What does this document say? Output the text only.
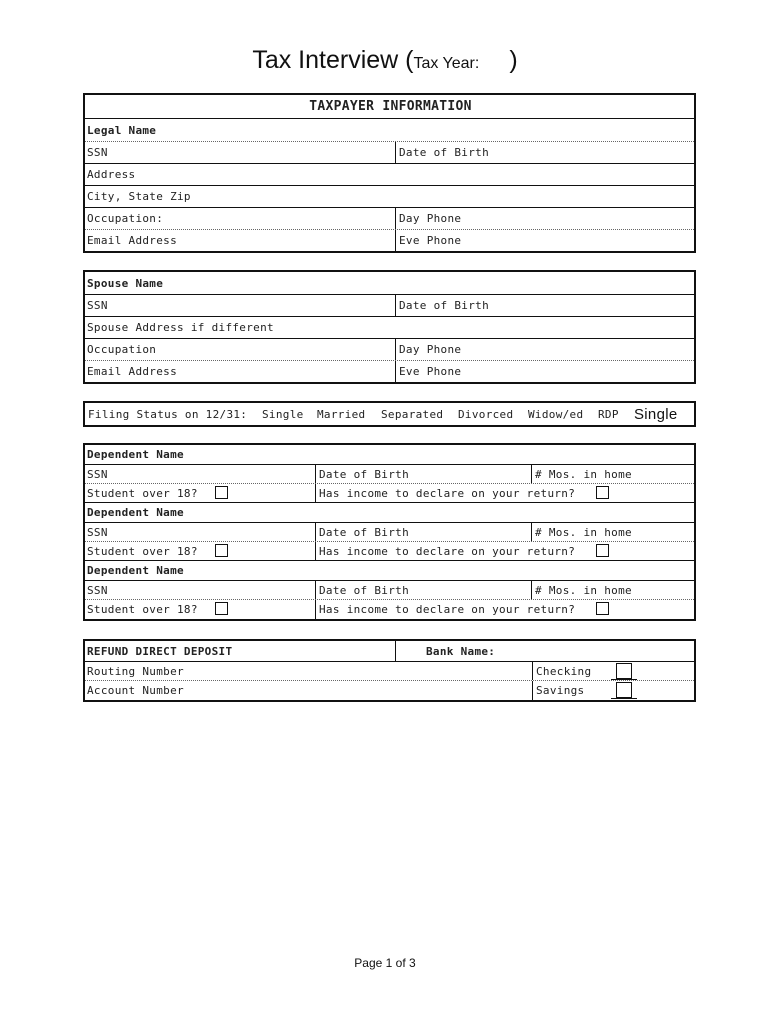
Tax Interview (Tax Year: )
TAXPAYER INFORMATION
Legal Name
SSN	Date of Birth
Address
City, State Zip
Occupation:	Day Phone
Email Address	Eve Phone
Spouse Name
SSN	Date of Birth
Spouse Address if different
Occupation	Day Phone
Email Address	Eve Phone
Filing Status on 12/31: Single Married Separated Divorced Widow/ed RDP Single
Dependent Name
SSN	Date of Birth	# Mos. in home
Student over 18?	Has income to declare on your return?
Dependent Name
SSN	Date of Birth	# Mos. in home
Student over 18?	Has income to declare on your return?
Dependent Name
SSN	Date of Birth	# Mos. in home
Student over 18?	Has income to declare on your return?
REFUND DIRECT DEPOSIT	Bank Name:
Routing Number	Checking
Account Number	Savings
Page 1 of 3
